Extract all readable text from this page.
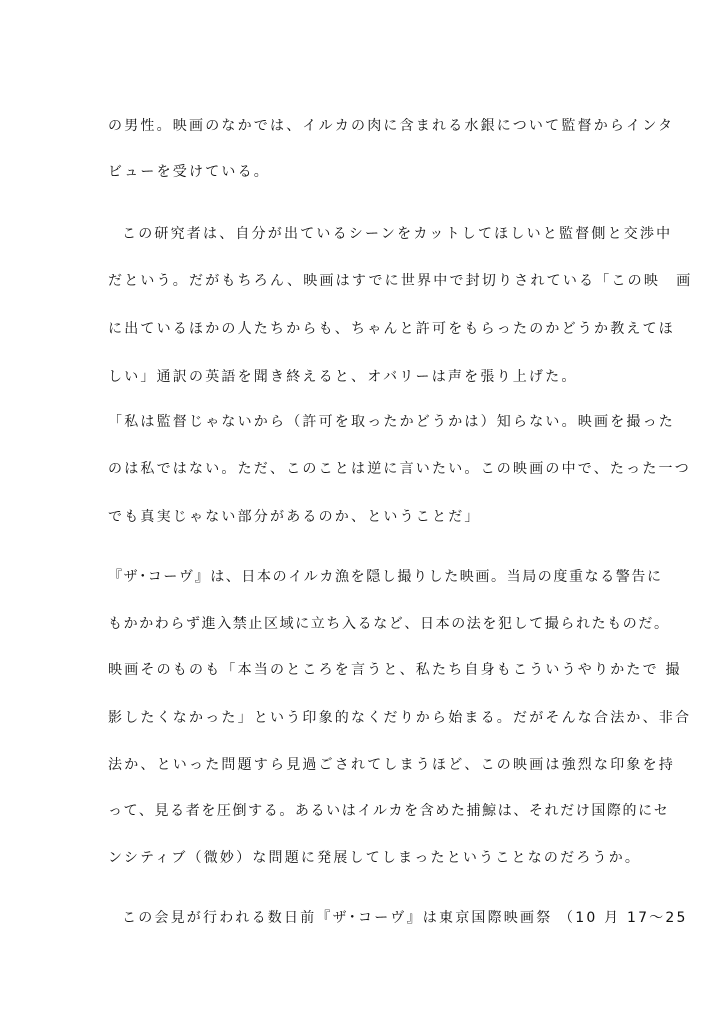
の男性。映画のなかでは、イルカの肉に含まれる水銀について監督からインタ
ビューを受けている。
この研究者は、自分が出ているシーンをカットしてほしいと監督側と交渉中
だという。だがもちろん、映画はすでに世界中で封切りされている「この映　画
に出ているほかの人たちからも、ちゃんと許可をもらったのかどうか教えてほ
しい」通訳の英語を聞き終えると、オバリーは声を張り上げた。
「私は監督じゃないから（許可を取ったかどうかは）知らない。映画を撮った
のは私ではない。ただ、このことは逆に言いたい。この映画の中で、たった一つ
でも真実じゃない部分があるのか、ということだ」
『ザ･コーヴ』は、日本のイルカ漁を隠し撮りした映画。当局の度重なる警告に
もかかわらず進入禁止区域に立ち入るなど、日本の法を犯して撮られたものだ。
映画そのものも「本当のところを言うと、私たち自身もこういうやりかたで 撮
影したくなかった」という印象的なくだりから始まる。だがそんな合法か、非合
法か、といった問題すら見過ごされてしまうほど、この映画は強烈な印象を持
って、見る者を圧倒する。あるいはイルカを含めた捕鯨は、それだけ国際的にセ
ンシティブ（微妙）な問題に発展してしまったということなのだろうか。
この会見が行われる数日前『ザ･コーヴ』は東京国際映画祭 （10 月 17～25
